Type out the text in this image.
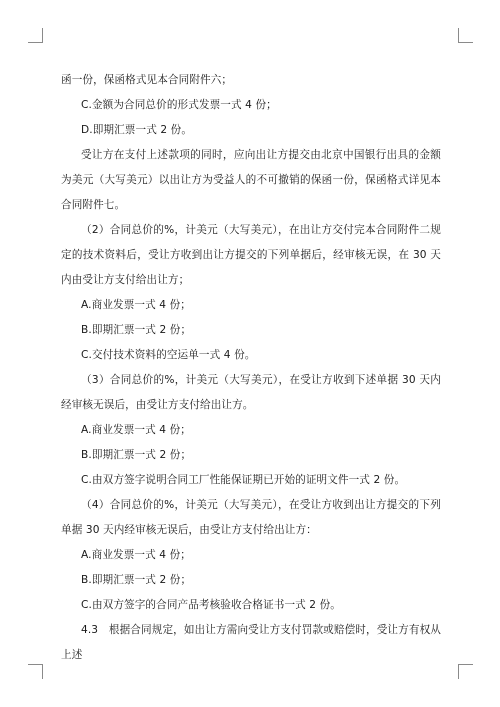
函一份，保函格式见本合同附件六；

C.金额为合同总价的形式发票一式 4 份；

D.即期汇票一式 2 份。

受让方在支付上述款项的同时，应向出让方提交由北京中国银行出具的金额为美元（大写美元）以出让方为受益人的不可撤销的保函一份，保函格式详见本合同附件七。

（2）合同总价的%，计美元（大写美元），在出让方交付完本合同附件二规定的技术资料后，受让方收到出让方提交的下列单据后，经审核无误，在 30 天内由受让方支付给出让方；

A.商业发票一式 4 份；

B.即期汇票一式 2 份；

C.交付技术资料的空运单一式 4 份。

（3）合同总价的%，计美元（大写美元），在受让方收到下述单据 30 天内经审核无误后，由受让方支付给出让方。

A.商业发票一式 4 份；

B.即期汇票一式 2 份；

C.由双方签字说明合同工厂性能保证期已开始的证明文件一式 2 份。

（4）合同总价的%，计美元（大写美元），在受让方收到出让方提交的下列单据 30 天内经审核无误后，由受让方支付给出让方：

A.商业发票一式 4 份；

B.即期汇票一式 2 份；

C.由双方签字的合同产品考核验收合格证书一式 2 份。

4.3　根据合同规定，如出让方需向受让方支付罚款或赔偿时，受让方有权从上述
